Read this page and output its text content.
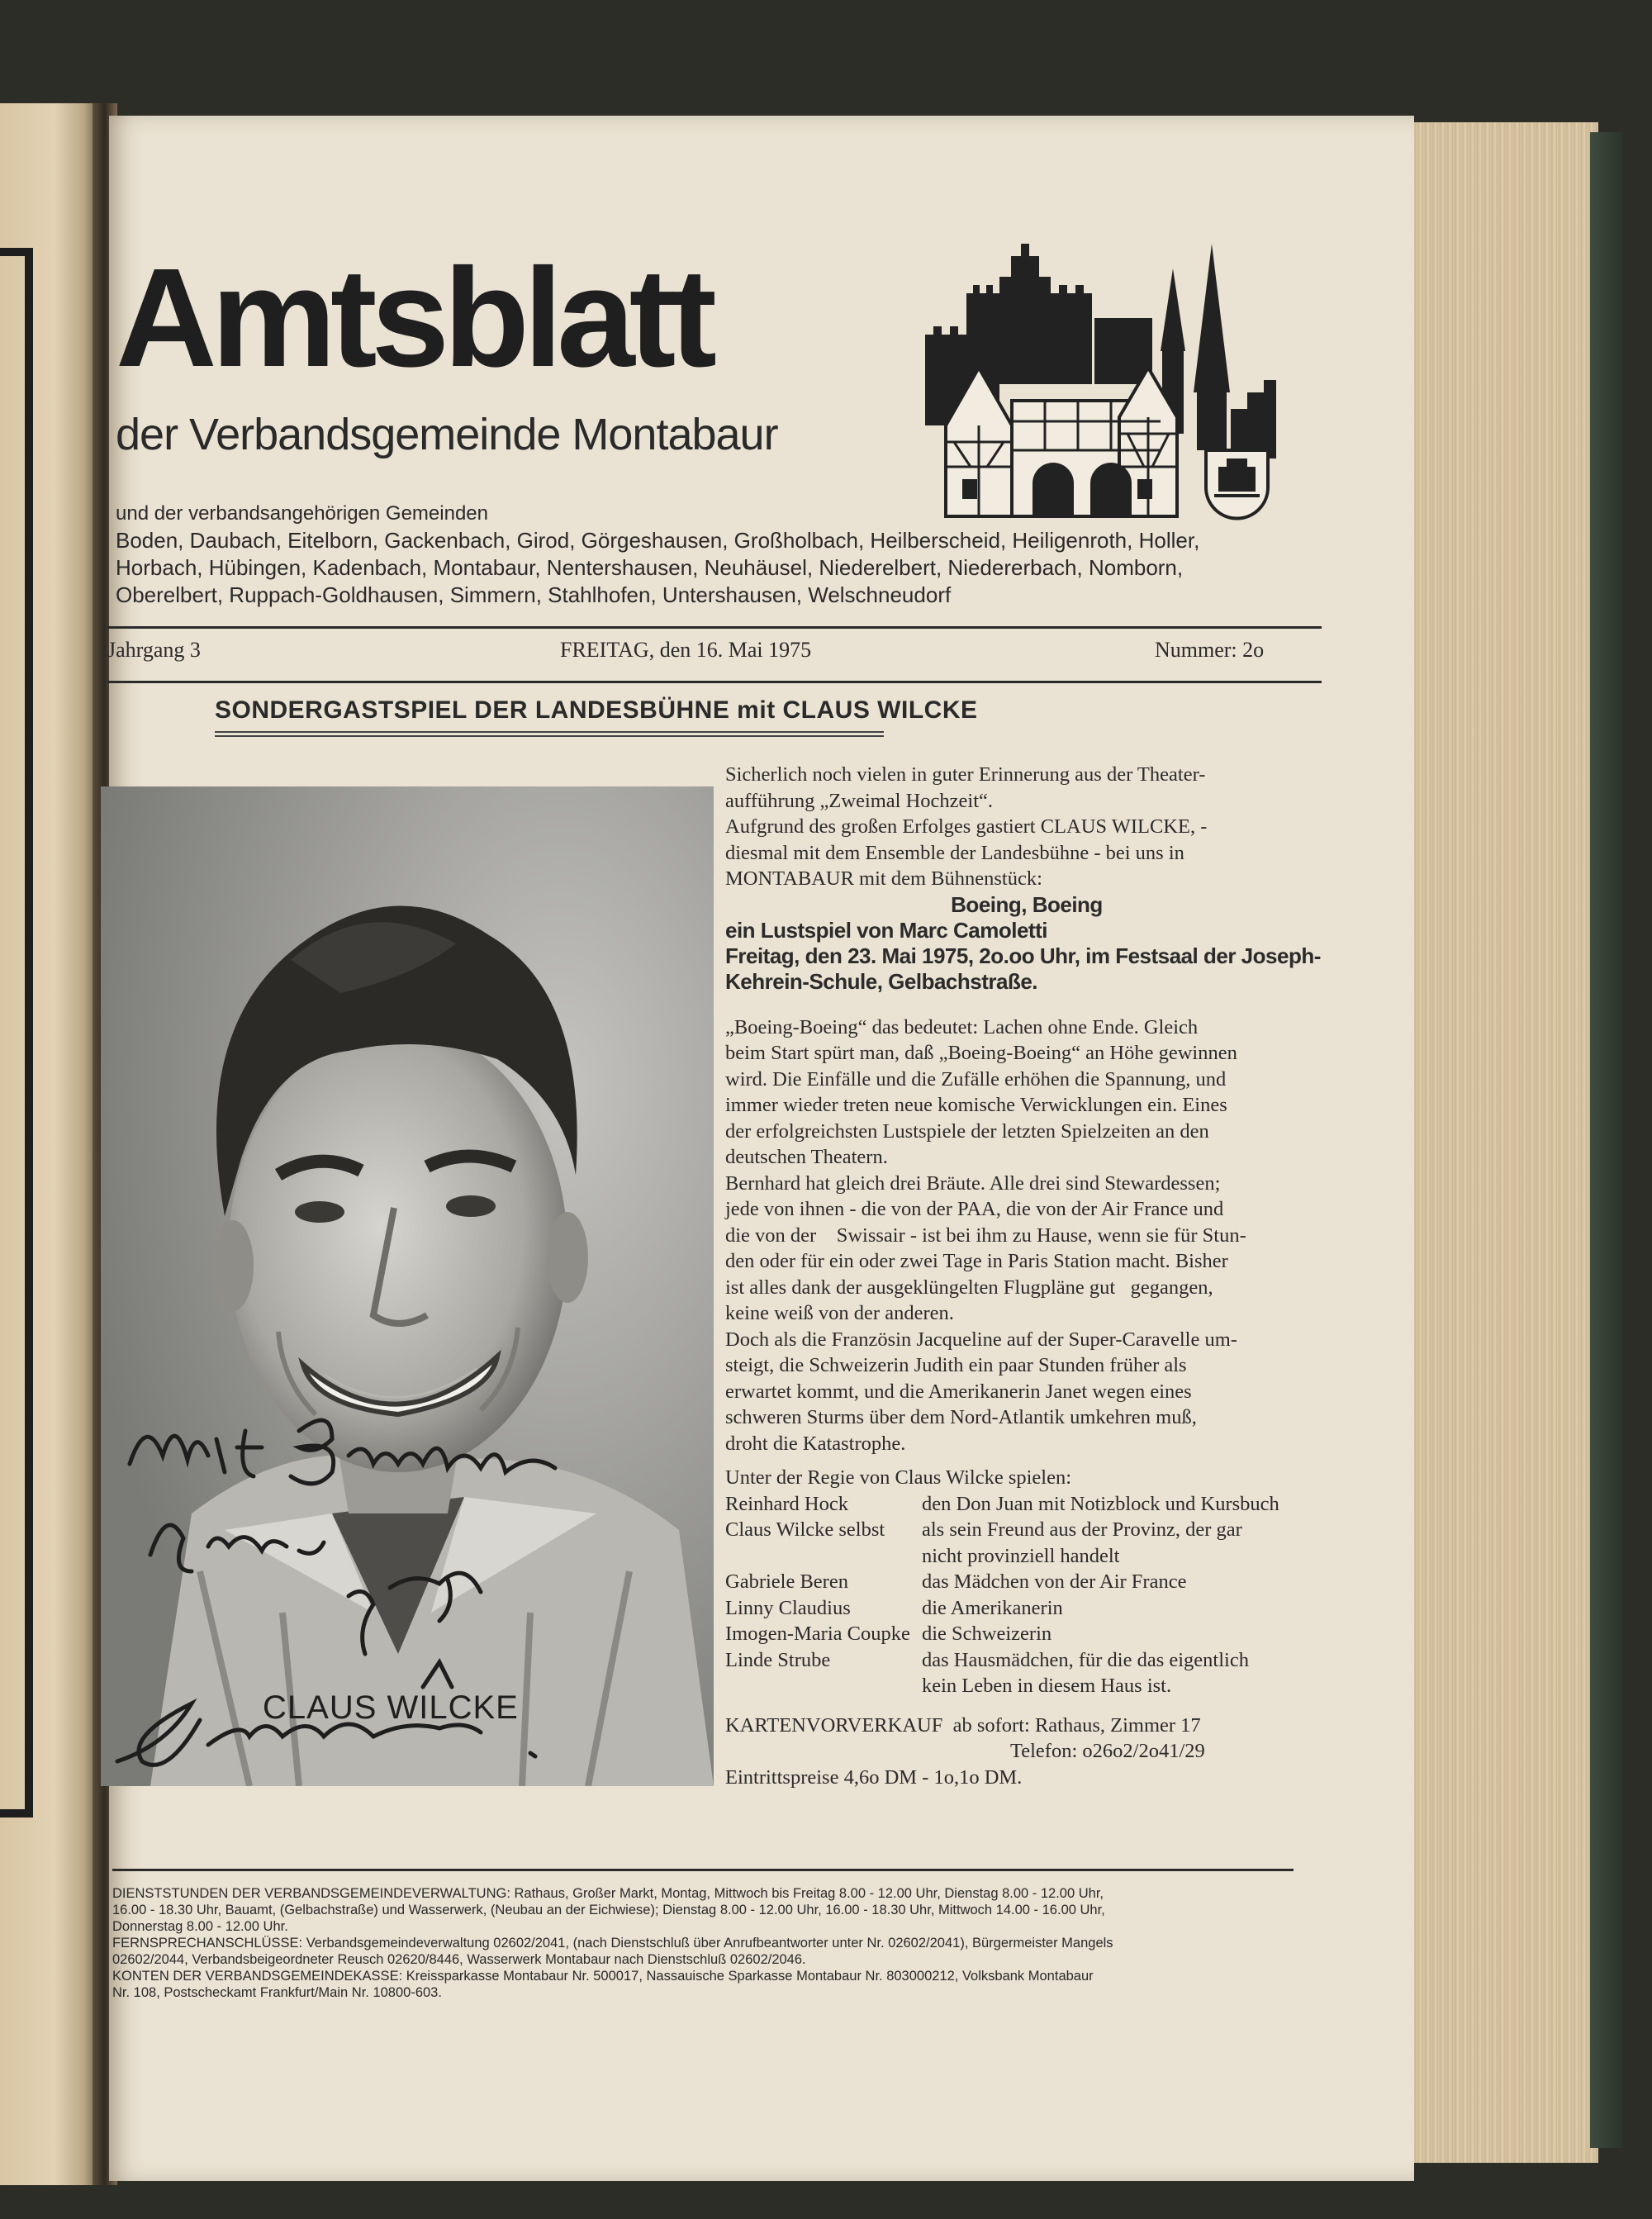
Amtsblatt
der Verbandsgemeinde Montabaur
und der verbandsangehörigen Gemeinden
Boden, Daubach, Eitelborn, Gackenbach, Girod, Görgeshausen, Großholbach, Heilberscheid, Heiligenroth, Holler,
Horbach, Hübingen, Kadenbach, Montabaur, Nentershausen, Neuhäusel, Niederelbert, Niedererbach, Nomborn,
Oberelbert, Ruppach-Goldhausen, Simmern, Stahlhofen, Untershausen, Welschneudorf
Jahrgang 3	FREITAG, den 16. Mai 1975	Nummer: 2o
SONDERGASTSPIEL DER LANDESBÜHNE mit CLAUS WILCKE
CLAUS WILCKE

Sicherlich noch vielen in guter Erinnerung aus der Theater-

aufführung „Zweimal Hochzeit“.

Aufgrund des großen Erfolges gastiert CLAUS WILCKE, -

diesmal mit dem Ensemble der Landesbühne - bei uns in

MONTABAUR mit dem Bühnenstück:

Boeing, Boeing

ein Lustspiel von Marc Camoletti

Freitag, den 23. Mai 1975, 2o.oo Uhr, im Festsaal der Joseph-

Kehrein-Schule, Gelbachstraße.

„Boeing-Boeing“ das bedeutet: Lachen ohne Ende. Gleich

beim Start spürt man, daß „Boeing-Boeing“ an Höhe gewinnen

wird. Die Einfälle und die Zufälle erhöhen die Spannung, und

immer wieder treten neue komische Verwicklungen ein. Eines

der erfolgreichsten Lustspiele der letzten Spielzeiten an den

deutschen Theatern.

Bernhard hat gleich drei Bräute. Alle drei sind Stewardessen;

jede von ihnen - die von der PAA, die von der Air France und

die von der    Swissair - ist bei ihm zu Hause, wenn sie für Stun-

den oder für ein oder zwei Tage in Paris Station macht. Bisher

ist alles dank der ausgeklüngelten Flugpläne gut   gegangen,

keine weiß von der anderen.

Doch als die Französin Jacqueline auf der Super-Caravelle um-

steigt, die Schweizerin Judith ein paar Stunden früher als

erwartet kommt, und die Amerikanerin Janet wegen eines

schweren Sturms über dem Nord-Atlantik umkehren muß,

droht die Katastrophe.

Unter der Regie von Claus Wilcke spielen:

Reinhard Hock	den Don Juan mit Notizblock und Kursbuch
Claus Wilcke selbst	als sein Freund aus der Provinz, der gar
nicht provinziell handelt
Gabriele Beren	das Mädchen von der Air France
Linny Claudius	die Amerikanerin
Imogen-Maria Coupke die Schweizerin
Linde Strube	das Hausmädchen, für die das eigentlich
kein Leben in diesem Haus ist.
KARTENVORVERKAUF  ab sofort: Rathaus, Zimmer 17
Telefon: o26o2/2o41/29
Eintrittspreise 4,6o DM - 1o,1o DM.
DIENSTSTUNDEN DER VERBANDSGEMEINDEVERWALTUNG: Rathaus, Großer Markt, Montag, Mittwoch bis Freitag 8.00 - 12.00 Uhr, Dienstag 8.00 - 12.00 Uhr,
16.00 - 18.30 Uhr, Bauamt, (Gelbachstraße) und Wasserwerk, (Neubau an der Eichwiese); Dienstag 8.00 - 12.00 Uhr, 16.00 - 18.30 Uhr, Mittwoch 14.00 - 16.00 Uhr,
Donnerstag 8.00 - 12.00 Uhr.
FERNSPRECHANSCHLÜSSE: Verbandsgemeindeverwaltung 02602/2041, (nach Dienstschluß über Anrufbeantworter unter Nr. 02602/2041), Bürgermeister Mangels
02602/2044, Verbandsbeigeordneter Reusch 02620/8446, Wasserwerk Montabaur nach Dienstschluß 02602/2046.
KONTEN DER VERBANDSGEMEINDEKASSE: Kreissparkasse Montabaur Nr. 500017, Nassauische Sparkasse Montabaur Nr. 803000212, Volksbank Montabaur
Nr. 108, Postscheckamt Frankfurt/Main Nr. 10800-603.
